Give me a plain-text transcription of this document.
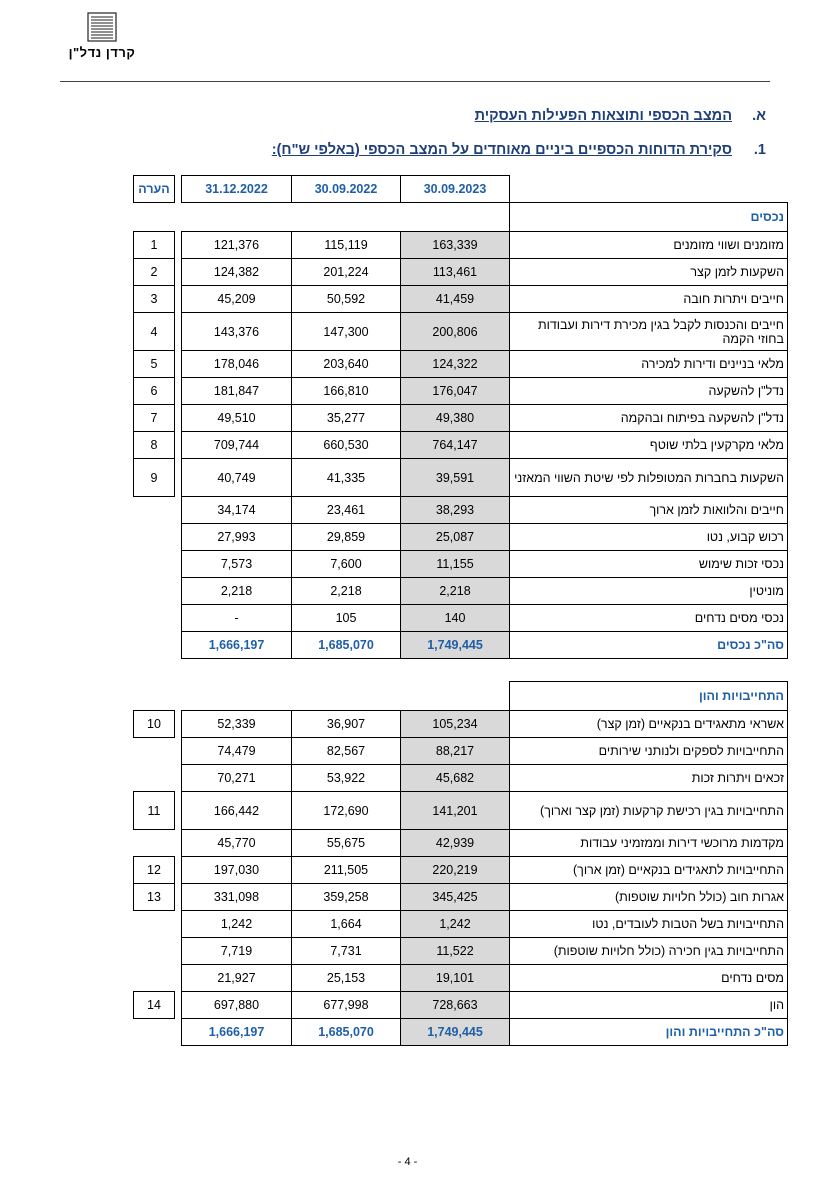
קרדן נדל"ן
א.המצב הכספי ותוצאות הפעילות העסקית
1.סקירת הדוחות הכספיים ביניים מאוחדים על המצב הכספי (באלפי ש"ח):
הערה		31.12.2022	30.09.2022	30.09.2023	
					נכסים
1		121,376	115,119	163,339	מזומנים ושווי מזומנים
2		124,382	201,224	113,461	השקעות לזמן קצר
3		45,209	50,592	41,459	חייבים ויתרות חובה
4		143,376	147,300	200,806	חייבים והכנסות לקבל בגין מכירת דירות ועבודות בחוזי הקמה
5		178,046	203,640	124,322	מלאי בניינים ודירות למכירה
6		181,847	166,810	176,047	נדל"ן להשקעה
7		49,510	35,277	49,380	נדל"ן להשקעה בפיתוח ובהקמה
8		709,744	660,530	764,147	מלאי מקרקעין בלתי שוטף
9		40,749	41,335	39,591	השקעות בחברות המטופלות לפי שיטת השווי המאזני
		34,174	23,461	38,293	חייבים והלוואות לזמן ארוך
		27,993	29,859	25,087	רכוש קבוע, נטו
		7,573	7,600	11,155	נכסי זכות שימוש
		2,218	2,218	2,218	מוניטין
		-	105	140	נכסי מסים נדחים
		1,666,197	1,685,070	1,749,445	סה"כ נכסים
					התחייבויות והון
10		52,339	36,907	105,234	אשראי מתאגידים בנקאיים (זמן קצר)
		74,479	82,567	88,217	התחייבויות לספקים ולנותני שירותים
		70,271	53,922	45,682	זכאים ויתרות זכות
11		166,442	172,690	141,201	התחייבויות בגין רכישת קרקעות (זמן קצר וארוך)
		45,770	55,675	42,939	מקדמות מרוכשי דירות וממזמיני עבודות
12		197,030	211,505	220,219	התחייבויות לתאגידים בנקאיים (זמן ארוך)
13		331,098	359,258	345,425	אגרות חוב (כולל חלויות שוטפות)
		1,242	1,664	1,242	התחייבויות בשל הטבות לעובדים, נטו
		7,719	7,731	11,522	התחייבויות בגין חכירה (כולל חלויות שוטפות)
		21,927	25,153	19,101	מסים נדחים
14		697,880	677,998	728,663	הון
		1,666,197	1,685,070	1,749,445	סה"כ התחייבויות והון
- 4 -
